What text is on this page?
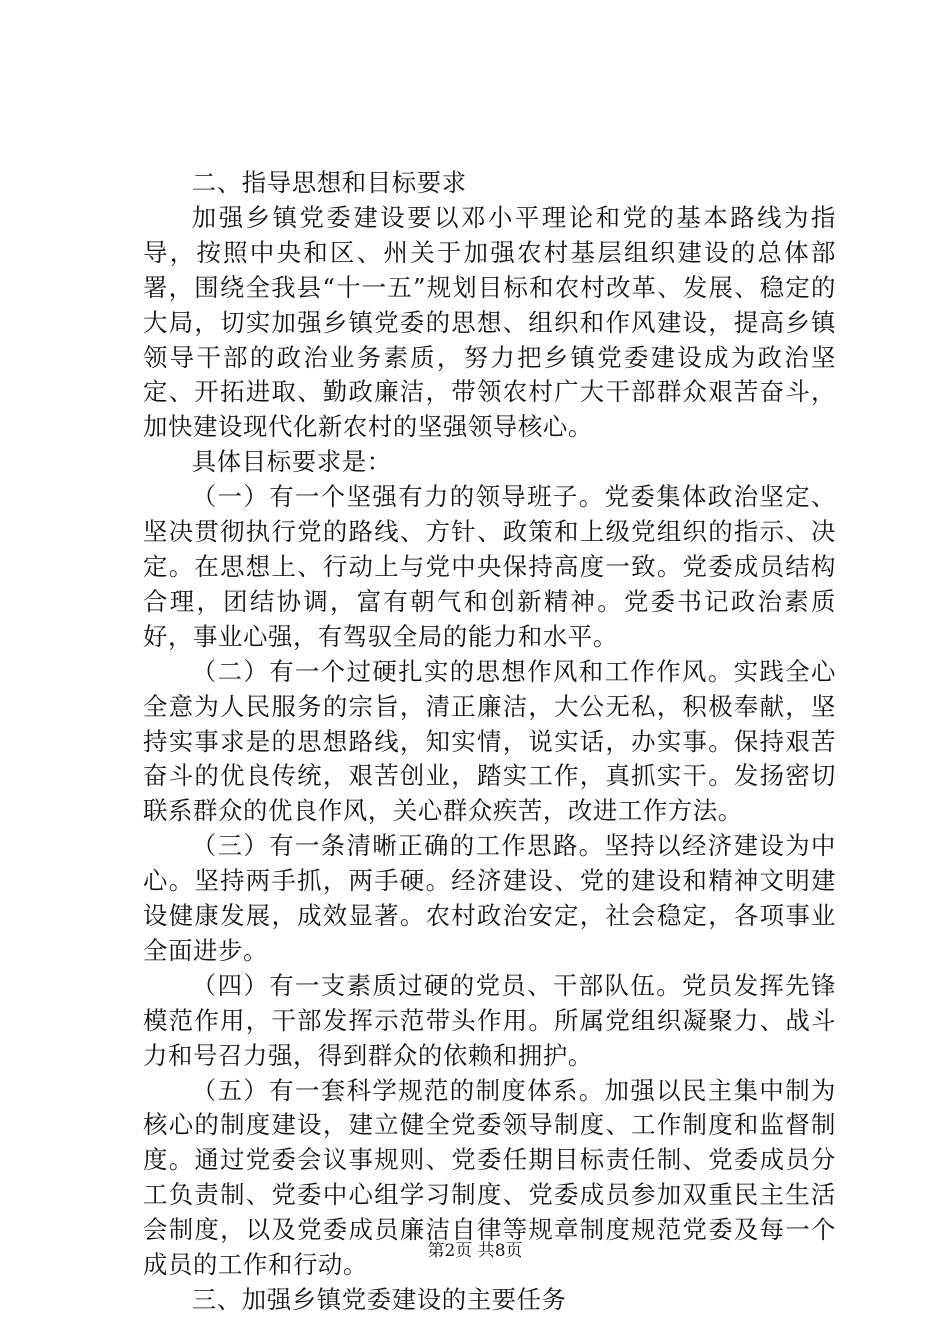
二、指导思想和目标要求

加强乡镇党委建设要以邓小平理论和党的基本路线为指导，按照中央和区、州关于加强农村基层组织建设的总体部署，围绕全我县“十一五”规划目标和农村改革、发展、稳定的大局，切实加强乡镇党委的思想、组织和作风建设，提高乡镇领导干部的政治业务素质，努力把乡镇党委建设成为政治坚定、开拓进取、勤政廉洁，带领农村广大干部群众艰苦奋斗，加快建设现代化新农村的坚强领导核心。

具体目标要求是：

（一）有一个坚强有力的领导班子。党委集体政治坚定、坚决贯彻执行党的路线、方针、政策和上级党组织的指示、决定。在思想上、行动上与党中央保持高度一致。党委成员结构合理，团结协调，富有朝气和创新精神。党委书记政治素质好，事业心强，有驾驭全局的能力和水平。

（二）有一个过硬扎实的思想作风和工作作风。实践全心全意为人民服务的宗旨，清正廉洁，大公无私，积极奉献，坚持实事求是的思想路线，知实情，说实话，办实事。保持艰苦奋斗的优良传统，艰苦创业，踏实工作，真抓实干。发扬密切联系群众的优良作风，关心群众疾苦，改进工作方法。

（三）有一条清晰正确的工作思路。坚持以经济建设为中心。坚持两手抓，两手硬。经济建设、党的建设和精神文明建设健康发展，成效显著。农村政治安定，社会稳定，各项事业全面进步。

（四）有一支素质过硬的党员、干部队伍。党员发挥先锋模范作用，干部发挥示范带头作用。所属党组织凝聚力、战斗力和号召力强，得到群众的依赖和拥护。

（五）有一套科学规范的制度体系。加强以民主集中制为核心的制度建设，建立健全党委领导制度、工作制度和监督制度。通过党委会议事规则、党委任期目标责任制、党委成员分工负责制、党委中心组学习制度、党委成员参加双重民主生活会制度，以及党委成员廉洁自律等规章制度规范党委及每一个成员的工作和行动。

三、加强乡镇党委建设的主要任务

第2页 共8页
